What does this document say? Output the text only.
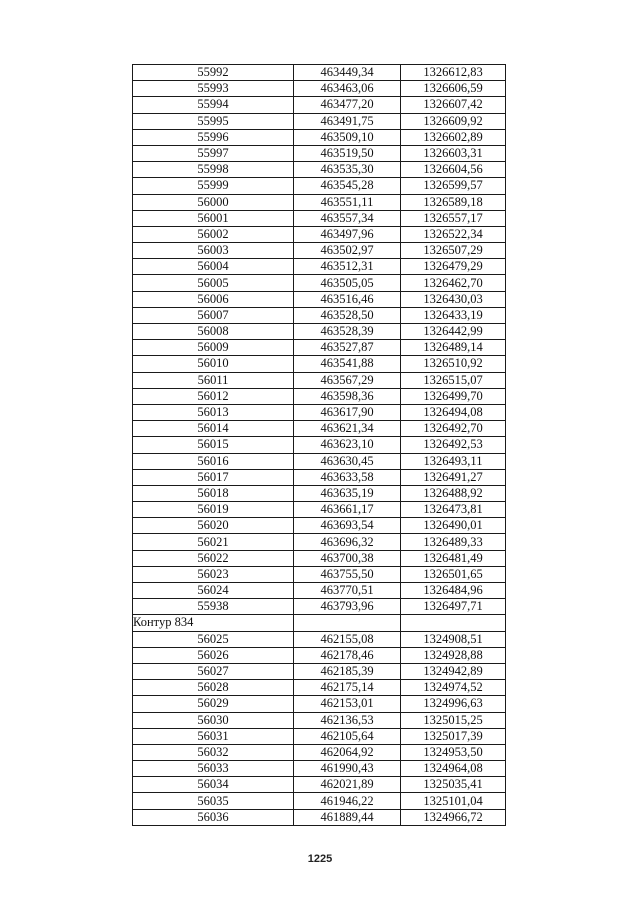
55992	463449,34	1326612,83
55993	463463,06	1326606,59
55994	463477,20	1326607,42
55995	463491,75	1326609,92
55996	463509,10	1326602,89
55997	463519,50	1326603,31
55998	463535,30	1326604,56
55999	463545,28	1326599,57
56000	463551,11	1326589,18
56001	463557,34	1326557,17
56002	463497,96	1326522,34
56003	463502,97	1326507,29
56004	463512,31	1326479,29
56005	463505,05	1326462,70
56006	463516,46	1326430,03
56007	463528,50	1326433,19
56008	463528,39	1326442,99
56009	463527,87	1326489,14
56010	463541,88	1326510,92
56011	463567,29	1326515,07
56012	463598,36	1326499,70
56013	463617,90	1326494,08
56014	463621,34	1326492,70
56015	463623,10	1326492,53
56016	463630,45	1326493,11
56017	463633,58	1326491,27
56018	463635,19	1326488,92
56019	463661,17	1326473,81
56020	463693,54	1326490,01
56021	463696,32	1326489,33
56022	463700,38	1326481,49
56023	463755,50	1326501,65
56024	463770,51	1326484,96
55938	463793,96	1326497,71
Контур 834		
56025	462155,08	1324908,51
56026	462178,46	1324928,88
56027	462185,39	1324942,89
56028	462175,14	1324974,52
56029	462153,01	1324996,63
56030	462136,53	1325015,25
56031	462105,64	1325017,39
56032	462064,92	1324953,50
56033	461990,43	1324964,08
56034	462021,89	1325035,41
56035	461946,22	1325101,04
56036	461889,44	1324966,72
1225
